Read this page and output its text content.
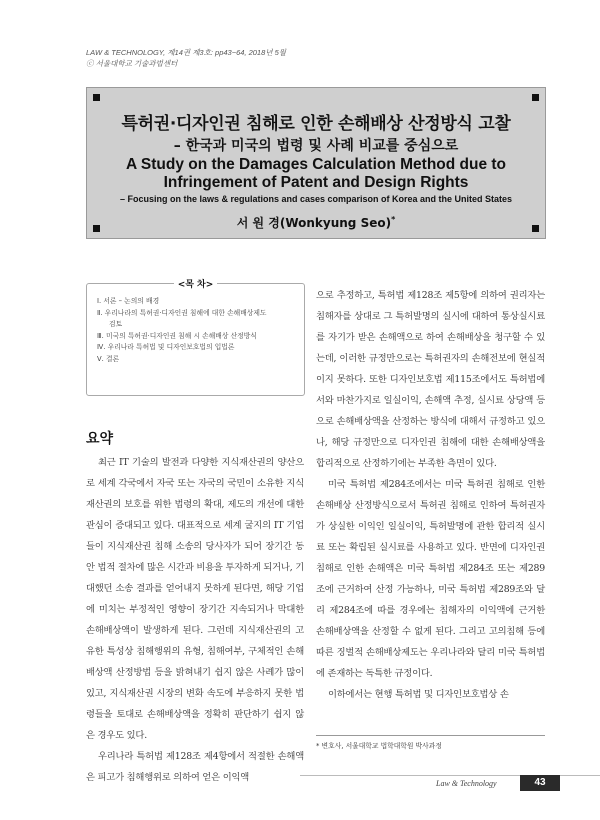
LAW & TECHNOLOGY, 제14권 제3호: pp43~64, 2018년 5월
ⓒ 서울대학교 기술과법센터
특허권·디자인권 침해로 인한 손해배상 산정방식 고찰
– 한국과 미국의 법령 및 사례 비교를 중심으로
A Study on the Damages Calculation Method due to
Infringement of Patent and Design Rights
– Focusing on the laws & regulations and cases comparison of Korea and the United States
서 원 경(Wonkyung Seo)*
<목 차>
Ⅰ. 서론 – 논의의 배경
Ⅱ. 우리나라의 특허권·디자인권 침해에 대한 손해배상제도
검토
Ⅲ. 미국의 특허권·디자인권 침해 시 손해배상 산정방식
Ⅳ. 우리나라 특허법 및 디자인보호법의 입법론
Ⅴ. 결론
요약

최근 IT 기술의 발전과 다양한 지식재산권의 양산으로 세계 각국에서 자국 또는 자국의 국민이 소유한 지식재산권의 보호를 위한 법령의 확대, 제도의 개선에 대한 관심이 증대되고 있다. 대표적으로 세계 굴지의 IT 기업들이 지식재산권 침해 소송의 당사자가 되어 장기간 동안 법적 절차에 많은 시간과 비용을 투자하게 되거나, 기대했던 소송 결과를 얻어내지 못하게 된다면, 해당 기업에 미치는 부정적인 영향이 장기간 지속되거나 막대한 손해배상액이 발생하게 된다. 그런데 지식재산권의 고유한 특성상 침해행위의 유형, 침해여부, 구체적인 손해배상액 산정방법 등을 밝혀내기 쉽지 않은 사례가 많이 있고, 지식재산권 시장의 변화 속도에 부응하지 못한 법령들을 토대로 손해배상액을 정확히 판단하기 쉽지 않은 경우도 있다.

우리나라 특허법 제128조 제4항에서 적절한 손해액은 피고가 침해행위로 의하여 얻은 이익액

으로 추정하고, 특허법 제128조 제5항에 의하여 권리자는 침해자를 상대로 그 특허발명의 실시에 대하여 통상실시료를 자기가 받은 손해액으로 하여 손해배상을 청구할 수 있는데, 이러한 규정만으로는 특허권자의 손해전보에 현실적이지 못하다. 또한 디자인보호법 제115조에서도 특허법에서와 마찬가지로 일실이익, 손해액 추정, 실시료 상당액 등으로 손해배상액을 산정하는 방식에 대해서 규정하고 있으나, 해당 규정만으로 디자인권 침해에 대한 손해배상액을 합리적으로 산정하기에는 부족한 측면이 있다.

미국 특허법 제284조에서는 미국 특허권 침해로 인한 손해배상 산정방식으로서 특허권 침해로 인하여 특허권자가 상실한 이익인 일실이익, 특허발명에 관한 합리적 실시료 또는 확립된 실시료를 사용하고 있다. 반면에 디자인권 침해로 인한 손해액은 미국 특허법 제284조 또는 제289조에 근거하여 산정 가능하나, 미국 특허법 제289조와 달리 제284조에 따를 경우에는 침해자의 이익액에 근거한 손해배상액을 산정할 수 없게 된다. 그리고 고의침해 등에 따른 징벌적 손해배상제도는 우리나라와 달리 미국 특허법에 존재하는 독특한 규정이다.

이하에서는 현행 특허법 및 디자인보호법상 손

* 변호사, 서울대학교 법학대학원 박사과정
Law & Technology	43
